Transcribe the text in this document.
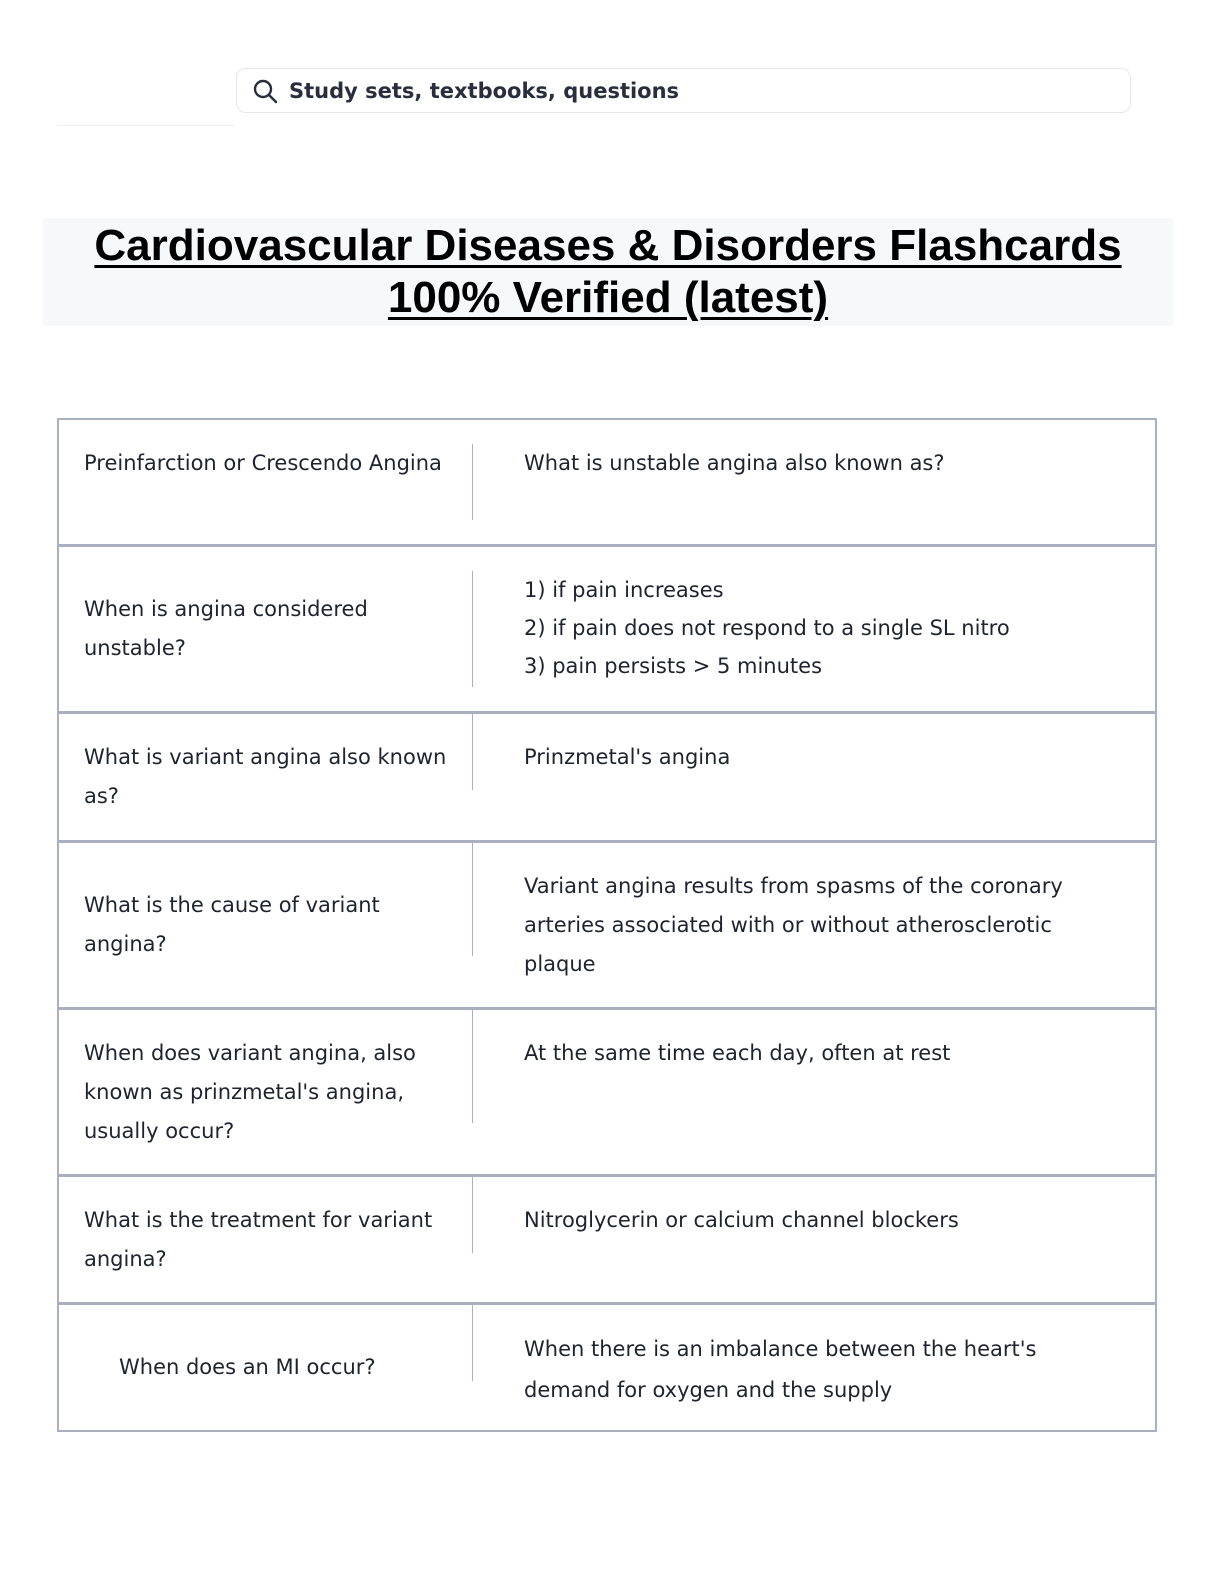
Study sets, textbooks, questions
Cardiovascular Diseases & Disorders Flashcards
100% Verified (latest)
Preinfarction or Crescendo Angina	What is unstable angina also known as?
When is angina considered unstable?
1) if pain increases
2) if pain does not respond to a single SL nitro
3) pain persists > 5 minutes
What is variant angina also known as?
Prinzmetal's angina
What is the cause of variant angina?
Variant angina results from spasms of the coronary arteries associated with or without atherosclerotic plaque
When does variant angina, also known as prinzmetal's angina, usually occur?
At the same time each day, often at rest
What is the treatment for variant angina?
Nitroglycerin or calcium channel blockers
When does an MI occur?
When there is an imbalance between the heart's demand for oxygen and the supply
